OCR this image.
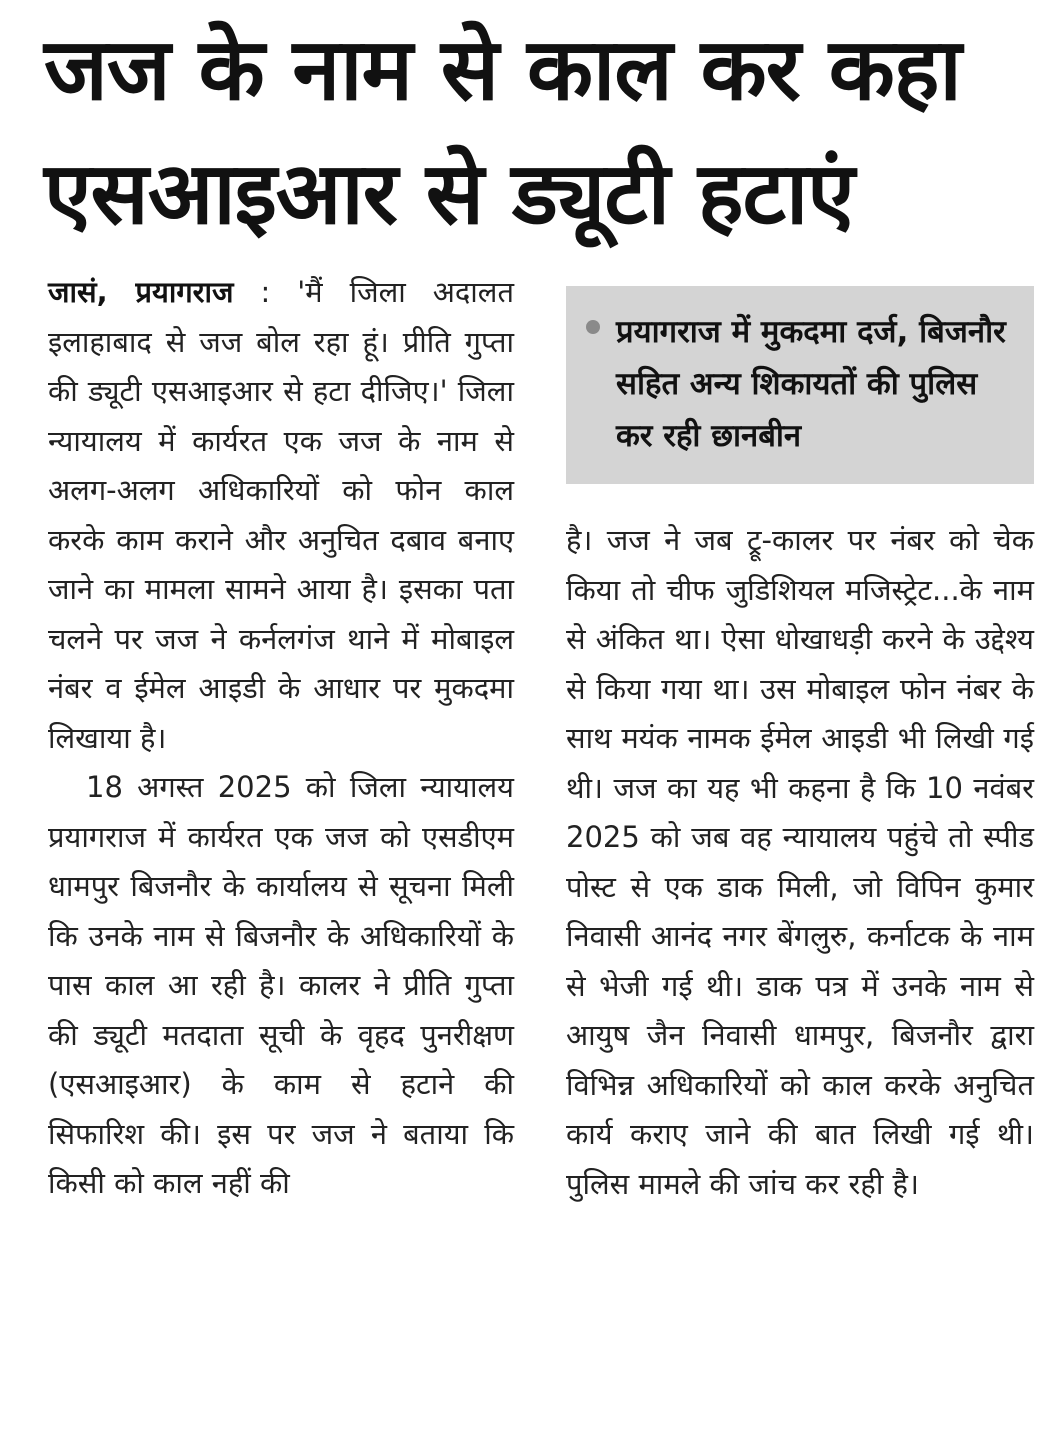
जज के नाम से काल कर कहा
एसआइआर से ड्यूटी हटाएं

जासं, प्रयागराज : 'मैं जिला अदालत इलाहाबाद से जज बोल रहा हूं। प्रीति गुप्ता की ड्यूटी एसआइआर से हटा दीजिए।' जिला न्यायालय में कार्यरत एक जज के नाम से अलग-अलग अधिकारियों को फोन काल करके काम कराने और अनुचित दबाव बनाए जाने का मामला सामने आया है। इसका पता चलने पर जज ने कर्नलगंज थाने में मोबाइल नंबर व ईमेल आइडी के आधार पर मुकदमा लिखाया है।

18 अगस्त 2025 को जिला न्यायालय प्रयागराज में कार्यरत एक जज को एसडीएम धामपुर बिजनौर के कार्यालय से सूचना मिली कि उनके नाम से बिजनौर के अधिकारियों के पास काल आ रही है। कालर ने प्रीति गुप्ता की ड्यूटी मतदाता सूची के वृहद पुनरीक्षण (एसआइआर) के काम से हटाने की सिफारिश की। इस पर जज ने बताया कि किसी को काल नहीं की

प्रयागराज में मुकदमा दर्ज, बिजनौर सहित अन्य शिकायतों की पुलिस कर रही छानबीन

है। जज ने जब ट्रू-कालर पर नंबर को चेक किया तो चीफ जुडिशियल मजिस्ट्रेट...के नाम से अंकित था। ऐसा धोखाधड़ी करने के उद्देश्य से किया गया था। उस मोबाइल फोन नंबर के साथ मयंक नामक ईमेल आइडी भी लिखी गई थी। जज का यह भी कहना है कि 10 नवंबर 2025 को जब वह न्यायालय पहुंचे तो स्पीड पोस्ट से एक डाक मिली, जो विपिन कुमार निवासी आनंद नगर बेंगलुरु, कर्नाटक के नाम से भेजी गई थी। डाक पत्र में उनके नाम से आयुष जैन निवासी धामपुर, बिजनौर द्वारा विभिन्न अधिकारियों को काल करके अनुचित कार्य कराए जाने की बात लिखी गई थी। पुलिस मामले की जांच कर रही है।
